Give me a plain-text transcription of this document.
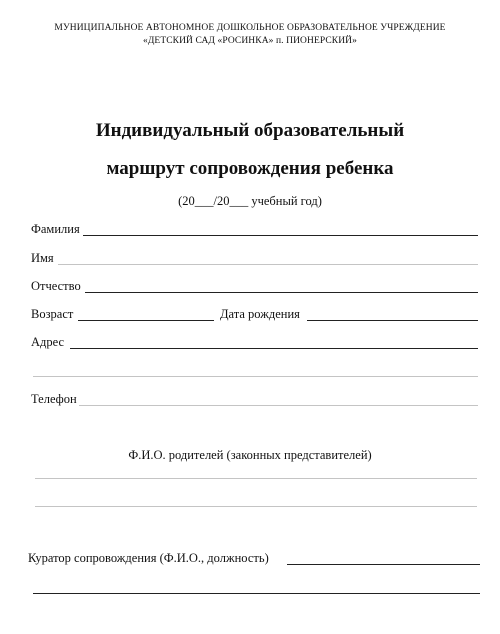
МУНИЦИПАЛЬНОЕ АВТОНОМНОЕ ДОШКОЛЬНОЕ ОБРАЗОВАТЕЛЬНОЕ УЧРЕЖДЕНИЕ
«ДЕТСКИЙ САД «РОСИНКА» п. ПИОНЕРСКИЙ»
Индивидуальный образовательный
маршрут сопровождения ребенка
(20___/20___ учебный год)
Фамилия
Имя
Отчество
Возраст	Дата рождения
Адрес
Телефон
Ф.И.О. родителей (законных представителей)
Куратор сопровождения (Ф.И.О., должность)
